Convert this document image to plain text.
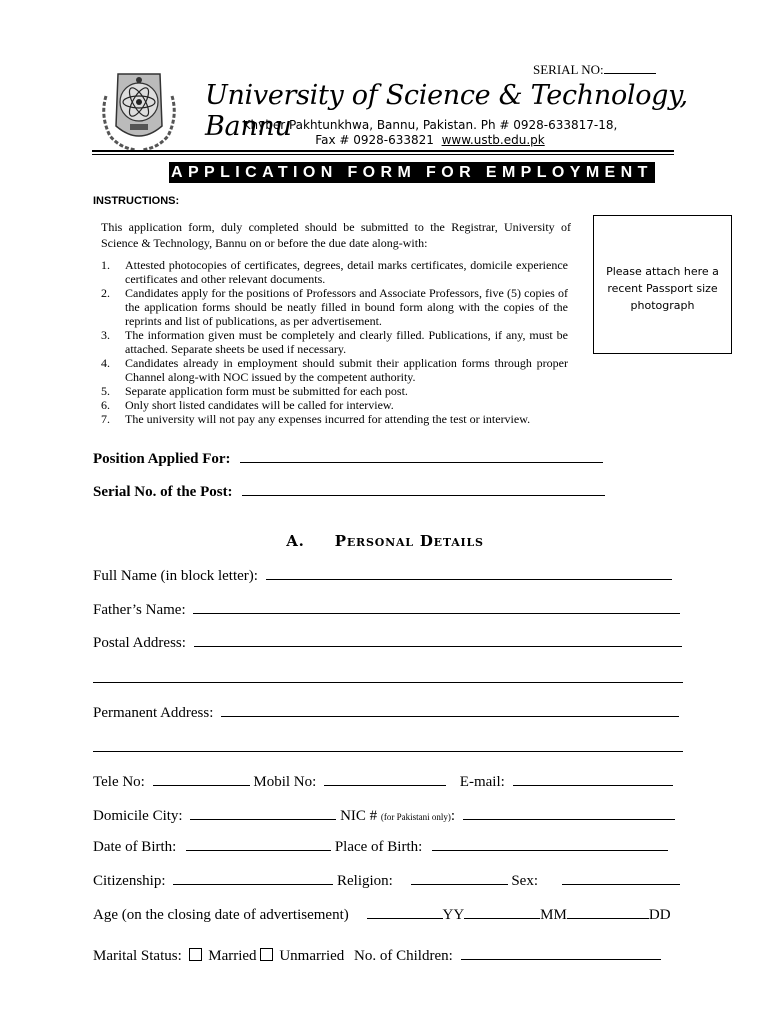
SERIAL NO:
University of Science & Technology, Bannu
Khyber Pakhtunkhwa, Bannu, Pakistan. Ph # 0928-633817-18,
Fax # 0928-633821 www.ustb.edu.pk
APPLICATION FORM FOR EMPLOYMENT
INSTRUCTIONS:
This application form, duly completed should be submitted to the Registrar, University of Science & Technology, Bannu on or before the due date along-with:
1. Attested photocopies of certificates, degrees, detail marks certificates, domicile experience certificates and other relevant documents.
2. Candidates apply for the positions of Professors and Associate Professors, five (5) copies of the application forms should be neatly filled in bound form along with the copies of the reprints and list of publications, as per advertisement.
3. The information given must be completely and clearly filled. Publications, if any, must be attached. Separate sheets be used if necessary.
4. Candidates already in employment should submit their application forms through proper Channel along-with NOC issued by the competent authority.
5. Separate application form must be submitted for each post.
6. Only short listed candidates will be called for interview.
7. The university will not pay any expenses incurred for attending the test or interview.
Please attach here a
recent Passport size
photograph
Position Applied For:
Serial No. of the Post:
A.     Personal Details
Full Name (in block letter):
Father’s Name:
Postal Address:
Permanent Address:
Tele No:	Mobil No:	E-mail:
Domicile City:	NIC # (for Pakistani only):
Date of Birth:	Place of Birth:
Citizenship:	Religion:	Sex:
Age (on the closing date of advertisement)	YY	MM	DD
Marital Status: Married Unmarried No. of Children:
